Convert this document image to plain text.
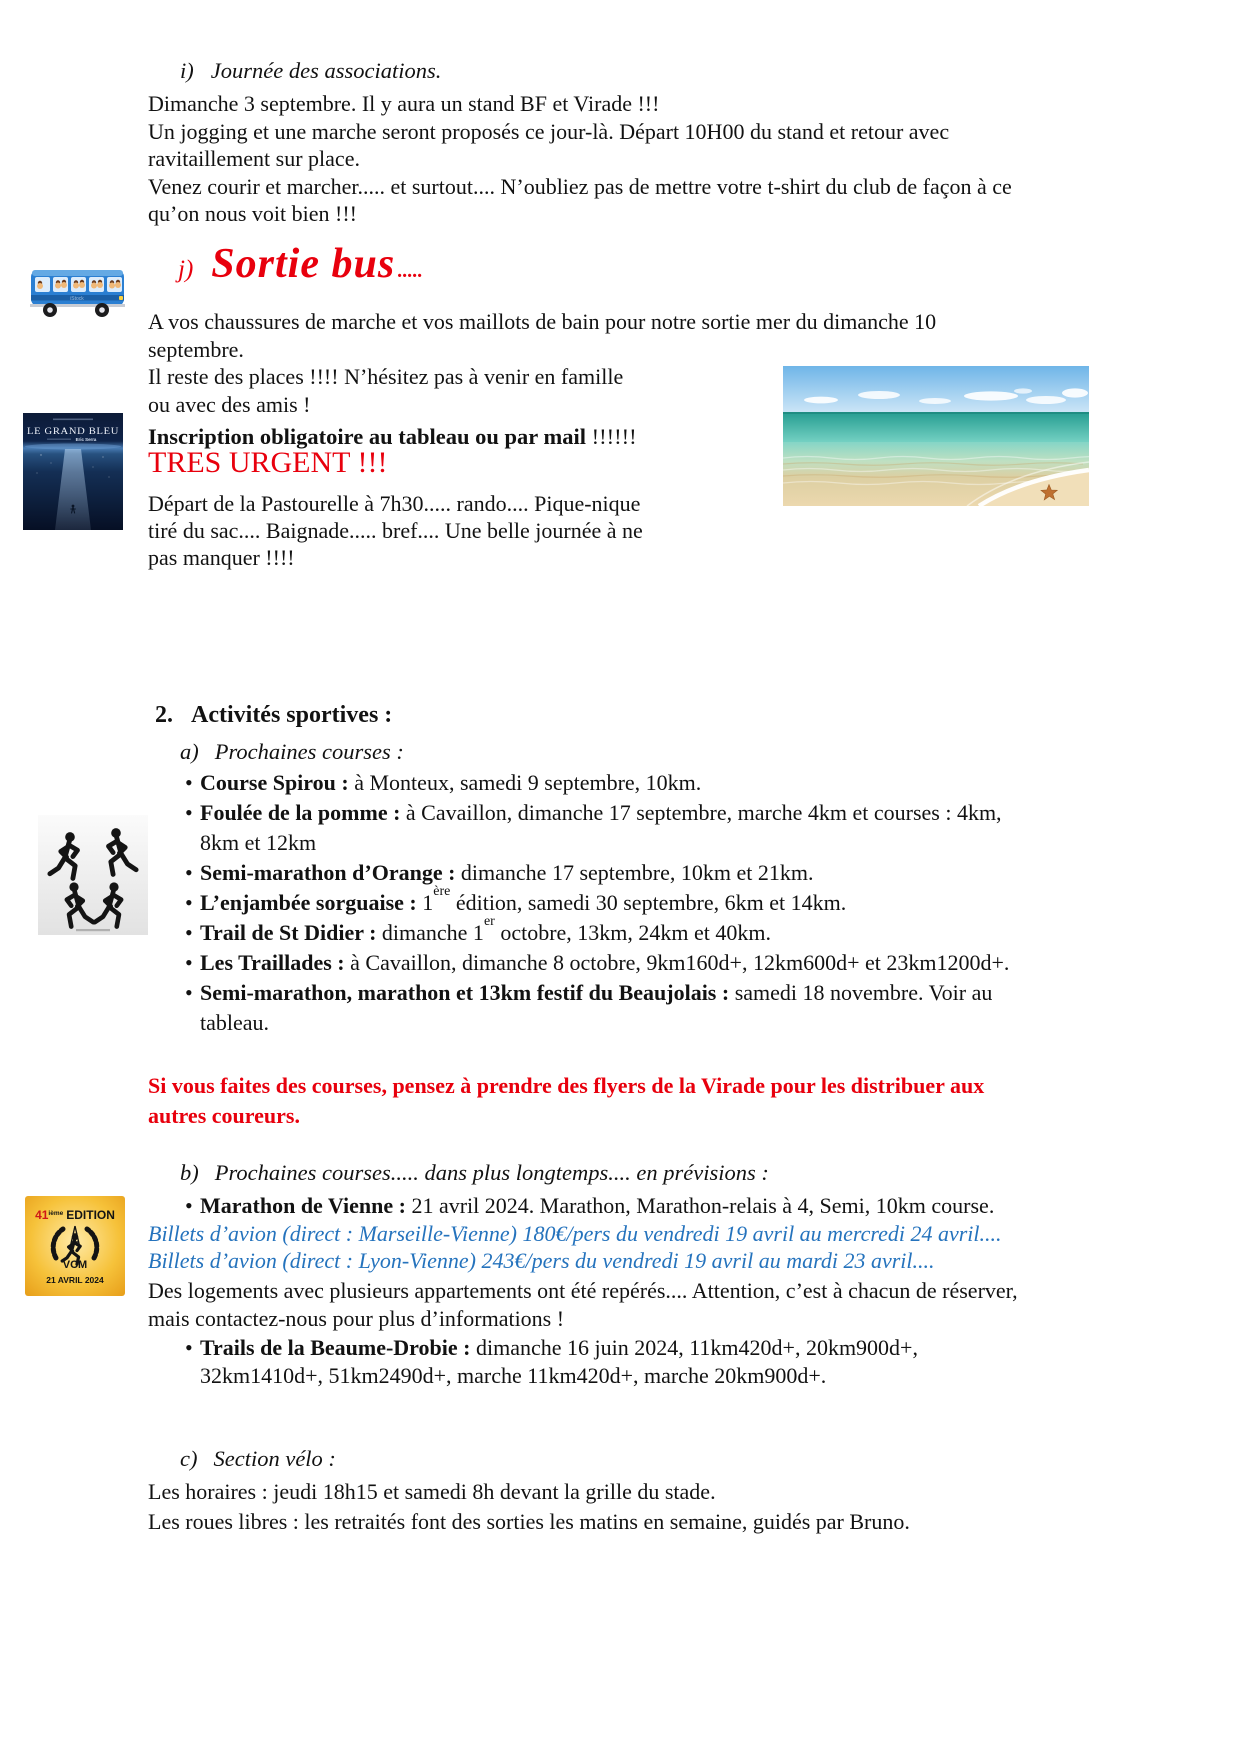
i) Journée des associations.
Dimanche 3 septembre. Il y aura un stand BF et Virade !!!
Un jogging et une marche seront proposés ce jour-là. Départ 10H00 du stand et retour avec
ravitaillement sur place.
Venez courir et marcher..... et surtout.... N’oubliez pas de mettre votre t-shirt du club de façon à ce
qu’on nous voit bien !!!
iStock
j) Sortie bus .....
A vos chaussures de marche et vos maillots de bain pour notre sortie mer du dimanche 10
septembre.
Il reste des places !!!! N’hésitez pas à venir en famille
ou avec des amis !
Inscription obligatoire au tableau ou par mail !!!!!!
TRES URGENT !!!
Départ de la Pastourelle à 7h30..... rando.... Pique-nique
tiré du sac.... Baignade..... bref.... Une belle journée à ne
pas manquer !!!!
LE GRAND BLEU
Eric Serra
2. Activités sportives :
a) Prochaines courses :
• Course Spirou : à Monteux, samedi 9 septembre, 10km.
• Foulée de la pomme : à Cavaillon, dimanche 17 septembre, marche 4km et courses : 4km,
8km et 12km
• Semi-marathon d’Orange : dimanche 17 septembre, 10km et 21km.
• L’enjambée sorguaise : 1ère édition, samedi 30 septembre, 6km et 14km.
• Trail de St Didier : dimanche 1er octobre, 13km, 24km et 40km.
• Les Traillades : à Cavaillon, dimanche 8 octobre, 9km160d+, 12km600d+ et 23km1200d+.
• Semi-marathon, marathon et 13km festif du Beaujolais : samedi 18 novembre. Voir au
tableau.
Si vous faites des courses, pensez à prendre des flyers de la Virade pour les distribuer aux
autres coureurs.
b) Prochaines courses..... dans plus longtemps.... en prévisions :
• Marathon de Vienne : 21 avril 2024. Marathon, Marathon-relais à 4, Semi, 10km course.
Billets d’avion (direct : Marseille-Vienne) 180€/pers du vendredi 19 avril au mercredi 24 avril....
Billets d’avion (direct : Lyon-Vienne) 243€/pers du vendredi 19 avril au mardi 23 avril....
Des logements avec plusieurs appartements ont été repérés.... Attention, c’est à chacun de réserver,
mais contactez-nous pour plus d’informations !
• Trails de la Beaume-Drobie : dimanche 16 juin 2024, 11km420d+, 20km900d+,
32km1410d+, 51km2490d+, marche 11km420d+, marche 20km900d+.
41ième EDITION
VCM
21 AVRIL 2024
c) Section vélo :
Les horaires : jeudi 18h15 et samedi 8h devant la grille du stade.
Les roues libres : les retraités font des sorties les matins en semaine, guidés par Bruno.
